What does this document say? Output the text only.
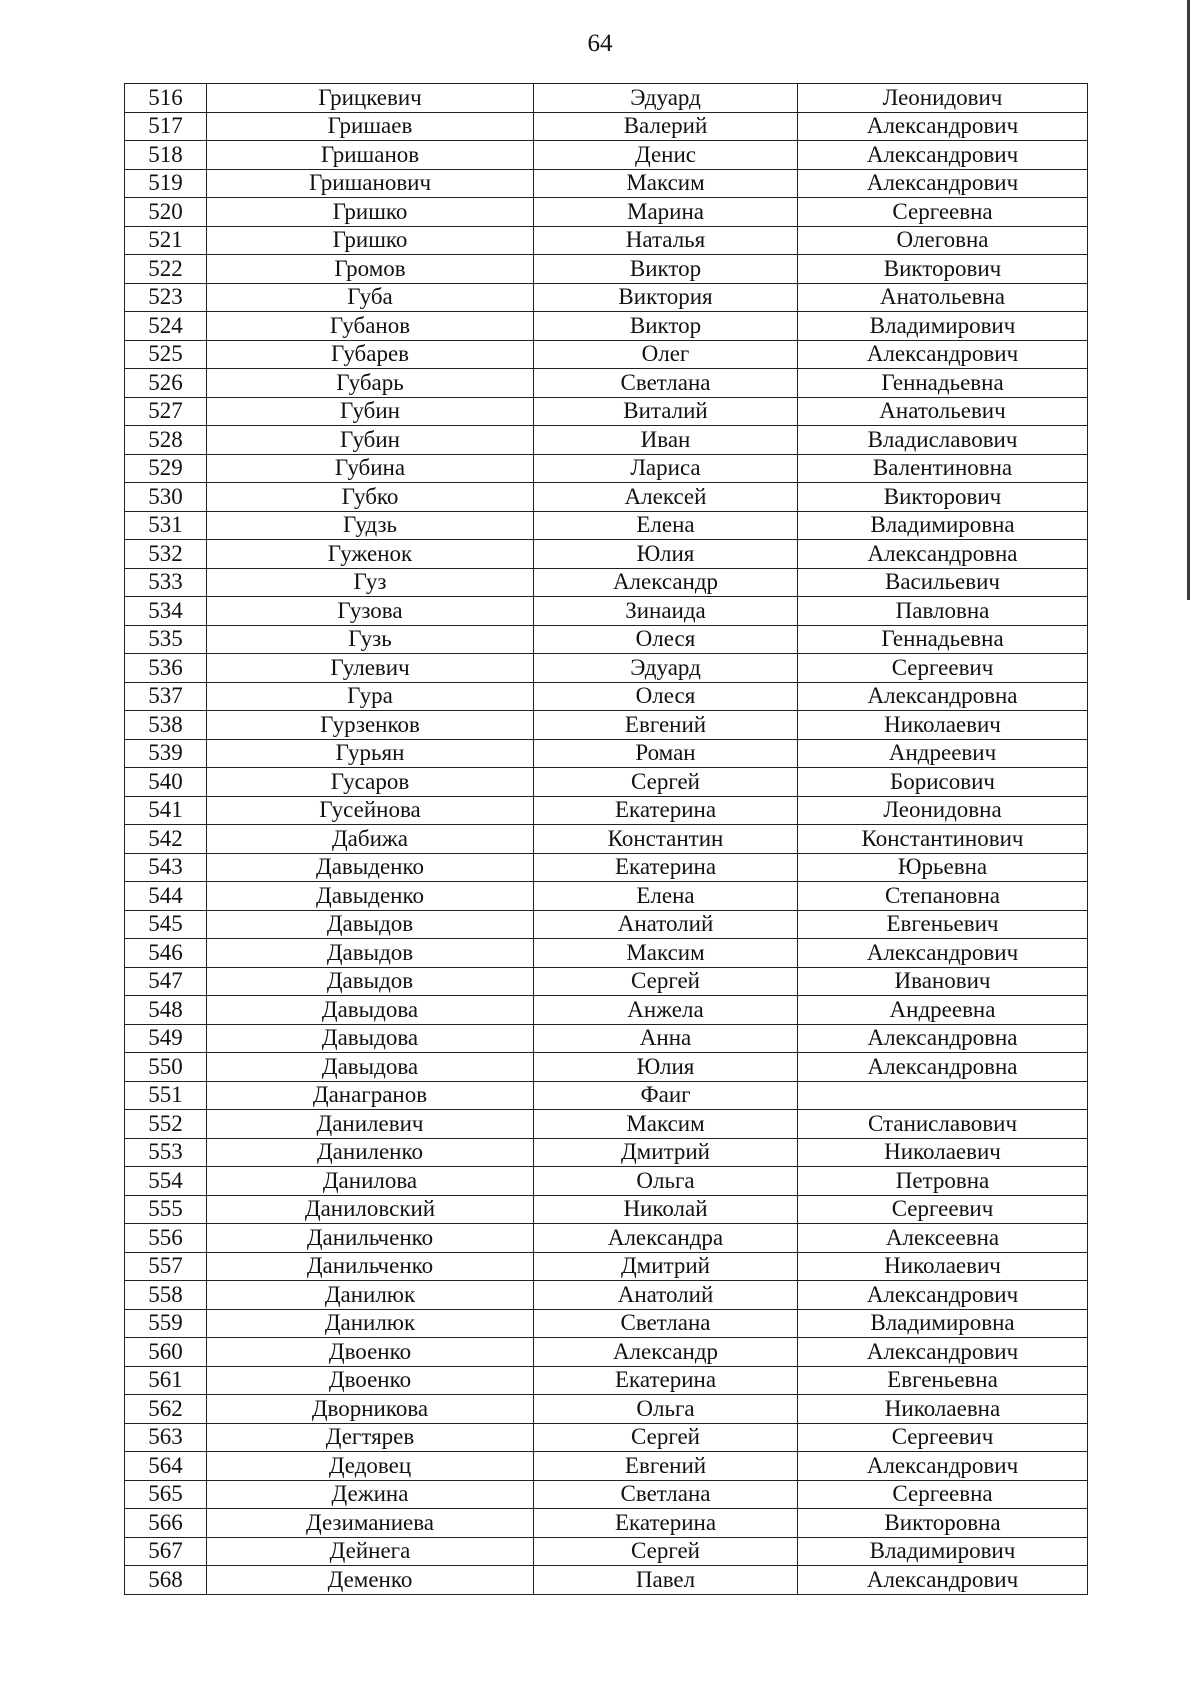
64
516	Грицкевич	Эдуард	Леонидович
517	Гришаев	Валерий	Александрович
518	Гришанов	Денис	Александрович
519	Гришанович	Максим	Александрович
520	Гришко	Марина	Сергеевна
521	Гришко	Наталья	Олеговна
522	Громов	Виктор	Викторович
523	Губа	Виктория	Анатольевна
524	Губанов	Виктор	Владимирович
525	Губарев	Олег	Александрович
526	Губарь	Светлана	Геннадьевна
527	Губин	Виталий	Анатольевич
528	Губин	Иван	Владиславович
529	Губина	Лариса	Валентиновна
530	Губко	Алексей	Викторович
531	Гудзь	Елена	Владимировна
532	Гуженок	Юлия	Александровна
533	Гуз	Александр	Васильевич
534	Гузова	Зинаида	Павловна
535	Гузь	Олеся	Геннадьевна
536	Гулевич	Эдуард	Сергеевич
537	Гура	Олеся	Александровна
538	Гурзенков	Евгений	Николаевич
539	Гурьян	Роман	Андреевич
540	Гусаров	Сергей	Борисович
541	Гусейнова	Екатерина	Леонидовна
542	Дабижа	Константин	Константинович
543	Давыденко	Екатерина	Юрьевна
544	Давыденко	Елена	Степановна
545	Давыдов	Анатолий	Евгеньевич
546	Давыдов	Максим	Александрович
547	Давыдов	Сергей	Иванович
548	Давыдова	Анжела	Андреевна
549	Давыдова	Анна	Александровна
550	Давыдова	Юлия	Александровна
551	Данагранов	Фаиг	
552	Данилевич	Максим	Станиславович
553	Даниленко	Дмитрий	Николаевич
554	Данилова	Ольга	Петровна
555	Даниловский	Николай	Сергеевич
556	Данильченко	Александра	Алексеевна
557	Данильченко	Дмитрий	Николаевич
558	Данилюк	Анатолий	Александрович
559	Данилюк	Светлана	Владимировна
560	Двоенко	Александр	Александрович
561	Двоенко	Екатерина	Евгеньевна
562	Дворникова	Ольга	Николаевна
563	Дегтярев	Сергей	Сергеевич
564	Дедовец	Евгений	Александрович
565	Дежина	Светлана	Сергеевна
566	Дезиманиева	Екатерина	Викторовна
567	Дейнега	Сергей	Владимирович
568	Деменко	Павел	Александрович
